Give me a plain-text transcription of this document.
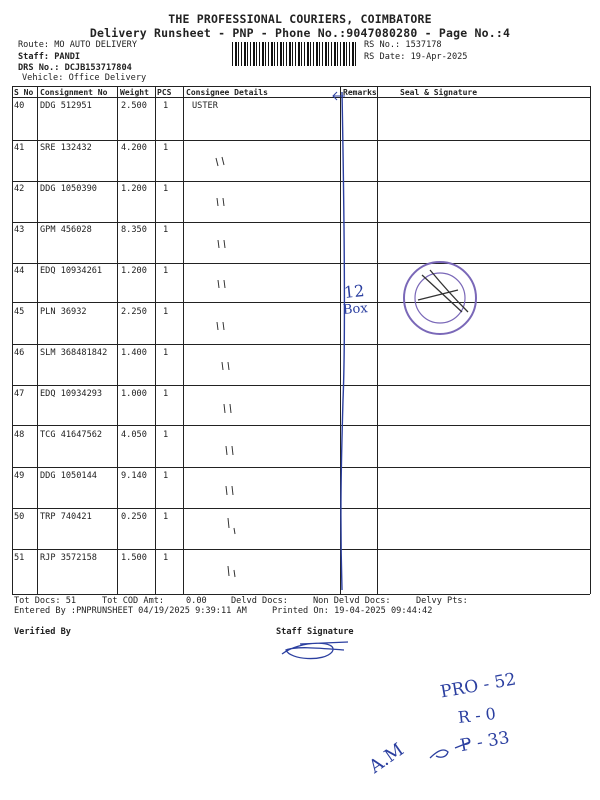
THE PROFESSIONAL COURIERS, COIMBATORE
Delivery Runsheet - PNP - Phone No.:9047080280 - Page No.:4
Route: MO AUTO DELIVERY
Staff: PANDI
DRS No.: DCJB153717804
Vehicle: Office Delivery
RS No.: 1537178
RS Date: 19-Apr-2025
S No Consignment No Weight PCS Consignee Details	Remarks	Seal & Signature
40 DDG 512951	2.500 1	USTER
41 SRE 132432	4.200 1
42 DDG 1050390	1.200 1
43 GPM 456028	8.350 1
44 EDQ 10934261 1.200 1
45 PLN 36932	2.250 1
46 SLM 368481842 1.400 1
47 EDQ 10934293 1.000 1
48 TCG 41647562 4.050 1
49 DDG 1050144	9.140 1
50 TRP 740421	0.250 1
51 RJP 3572158	1.500 1
Tot Docs: 51	Tot COD Amt:	0.00	Delvd Docs:	Non Delvd Docs:	Delvy Pts:
Entered By :PNPRUNSHEET 04/19/2025 9:39:11 AM	Printed On: 19-04-2025 09:44:42
Verified By	Staff Signature
12
Box
PRO - 52
R - 0
P - 33
A.M
